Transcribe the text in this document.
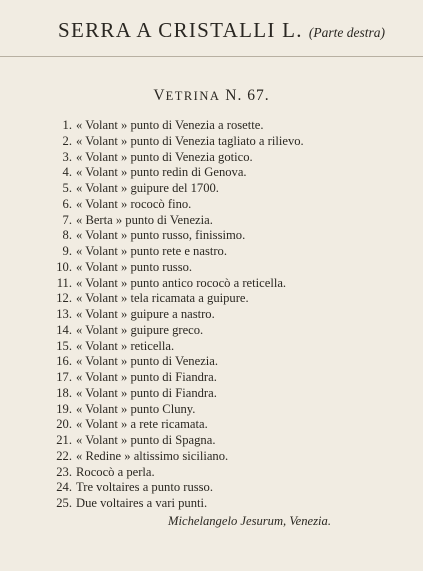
SERRA A CRISTALLI L. (Parte destra)
VETRINA N. 67.
1. « Volant » punto di Venezia a rosette.
2. « Volant » punto di Venezia tagliato a rilievo.
3. « Volant » punto di Venezia gotico.
4. « Volant » punto redin di Genova.
5. « Volant » guipure del 1700.
6. « Volant » rococò fino.
7. « Berta » punto di Venezia.
8. « Volant » punto russo, finissimo.
9. « Volant » punto rete e nastro.
10. « Volant » punto russo.
11. « Volant » punto antico rococò a reticella.
12. « Volant » tela ricamata a guipure.
13. « Volant » guipure a nastro.
14. « Volant » guipure greco.
15. « Volant » reticella.
16. « Volant » punto di Venezia.
17. « Volant » punto di Fiandra.
18. « Volant » punto di Fiandra.
19. « Volant » punto Cluny.
20. « Volant » a rete ricamata.
21. « Volant » punto di Spagna.
22. « Redine » altissimo siciliano.
23. Rococò a perla.
24. Tre voltaires a punto russo.
25. Due voltaires a vari punti.
Michelangelo Jesurum, Venezia.
